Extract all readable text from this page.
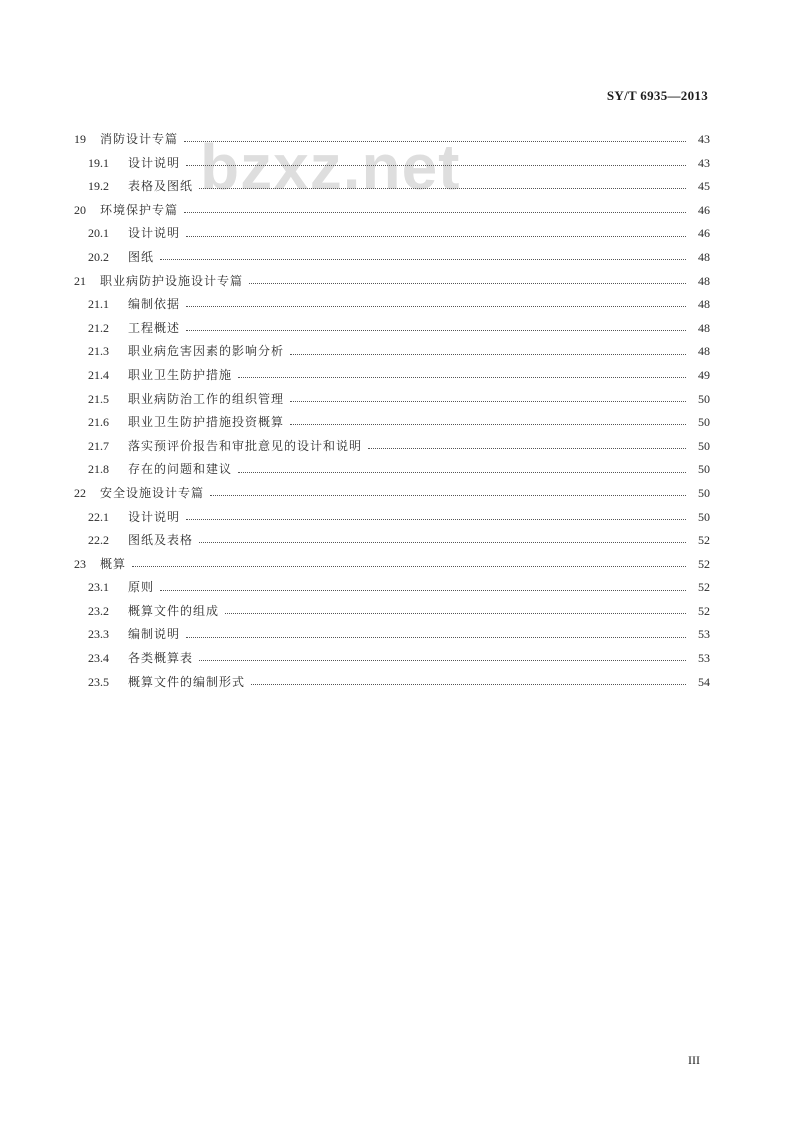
SY/T 6935—2013
bzxz.net
19	消防设计专篇	43
19.1	设计说明	43
19.2	表格及图纸	45
20	环境保护专篇	46
20.1	设计说明	46
20.2	图纸	48
21	职业病防护设施设计专篇	48
21.1	编制依据	48
21.2	工程概述	48
21.3	职业病危害因素的影响分析	48
21.4	职业卫生防护措施	49
21.5	职业病防治工作的组织管理	50
21.6	职业卫生防护措施投资概算	50
21.7	落实预评价报告和审批意见的设计和说明	50
21.8	存在的问题和建议	50
22	安全设施设计专篇	50
22.1	设计说明	50
22.2	图纸及表格	52
23	概算	52
23.1	原则	52
23.2	概算文件的组成	52
23.3	编制说明	53
23.4	各类概算表	53
23.5	概算文件的编制形式	54
III
